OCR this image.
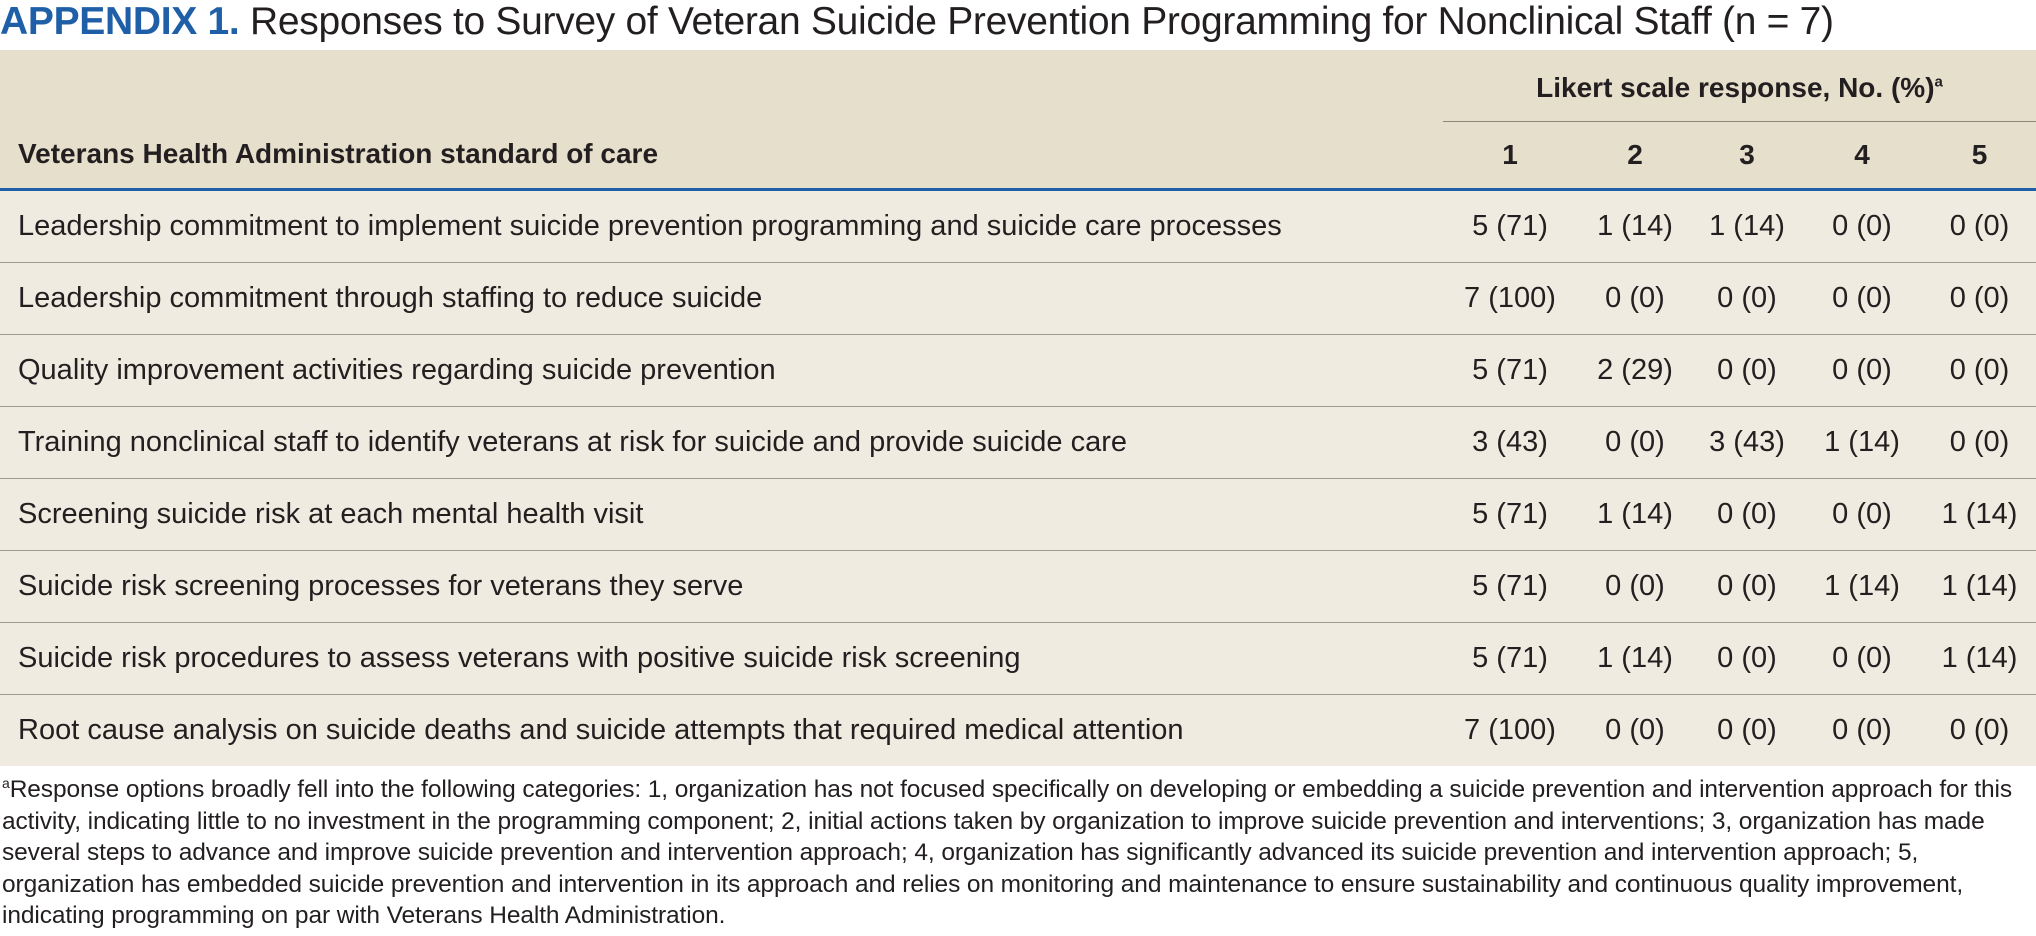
APPENDIX 1. Responses to Survey of Veteran Suicide Prevention Programming for Nonclinical Staff (n = 7)
Veterans Health Administration standard of care	Likert scale response, No. (%)$^a$
	1	2	3	4	5
Leadership commitment to implement suicide prevention programming and suicide care processes	5 (71)	1 (14)	1 (14)	0 (0)	0 (0)
Leadership commitment through staffing to reduce suicide	7 (100)	0 (0)	0 (0)	0 (0)	0 (0)
Quality improvement activities regarding suicide prevention	5 (71)	2 (29)	0 (0)	0 (0)	0 (0)
Training nonclinical staff to identify veterans at risk for suicide and provide suicide care	3 (43)	0 (0)	3 (43)	1 (14)	0 (0)
Screening suicide risk at each mental health visit	5 (71)	1 (14)	0 (0)	0 (0)	1 (14)
Suicide risk screening processes for veterans they serve	5 (71)	0 (0)	0 (0)	1 (14)	1 (14)
Suicide risk procedures to assess veterans with positive suicide risk screening	5 (71)	1 (14)	0 (0)	0 (0)	1 (14)
Root cause analysis on suicide deaths and suicide attempts that required medical attention	7 (100)	0 (0)	0 (0)	0 (0)	0 (0)
$^a$Response options broadly fell into the following categories: 1, organization has not focused specifically on developing or embedding a suicide prevention and intervention approach for this activity, indicating little to no investment in the programming component; 2, initial actions taken by organization to improve suicide prevention and interventions; 3, organization has made several steps to advance and improve suicide prevention and intervention approach; 4, organization has significantly advanced its suicide prevention and intervention approach; 5, organization has embedded suicide prevention and intervention in its approach and relies on monitoring and maintenance to ensure sustainability and continuous quality improvement, indicating programming on par with Veterans Health Administration.
